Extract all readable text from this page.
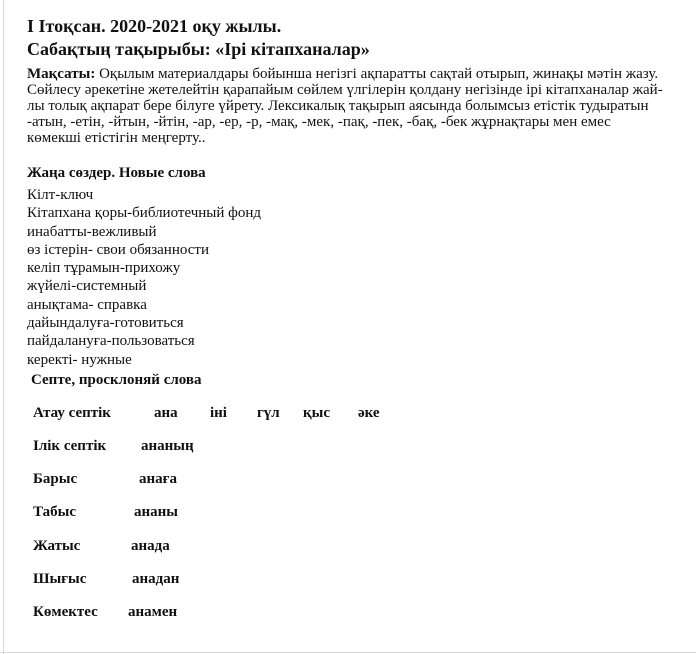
I Iтоқсан. 2020-2021 оқу жылы.
Сабақтың тақырыбы: «Ірі кітапханалар»
Мақсаты: Оқылым материалдары бойынша негізгі ақпаратты сақтай отырып, жинақы мәтін жазу. Сөйлесу әрекетіне жетелейтін қарапайым сөйлем үлгілерін қолдану негізінде ірі кітапханалар жай- лы толық ақпарат бере білуге үйрету. Лексикалық тақырып аясында болымсыз етістік тудыратын -атын, -етін, -йтын, -йтін, -ар, -ер, -р, -мақ, -мек, -пақ, -пек, -бақ, -бек жұрнақтары мен емес көмекші етістігін меңгерту..
Жаңа сөздер. Новые слова
Кілт-ключ
Кітапхана қоры-библиотечный фонд
инабатты-вежливый
өз істерін- свои обязанности
келіп тұрамын-прихожу
жүйелі-системный
анықтама- справка
дайындалуға-готовиться
пайдалануға-пользоваться
керекті- нужные
Септе, просклоняй слова
Атау септік	ана іні гүл қыс әке
Ілік септік ананың
Барыс	анаға
Табыс	ананы
Жатыс	анада
Шығыс	анадан
Көмектес анамен
